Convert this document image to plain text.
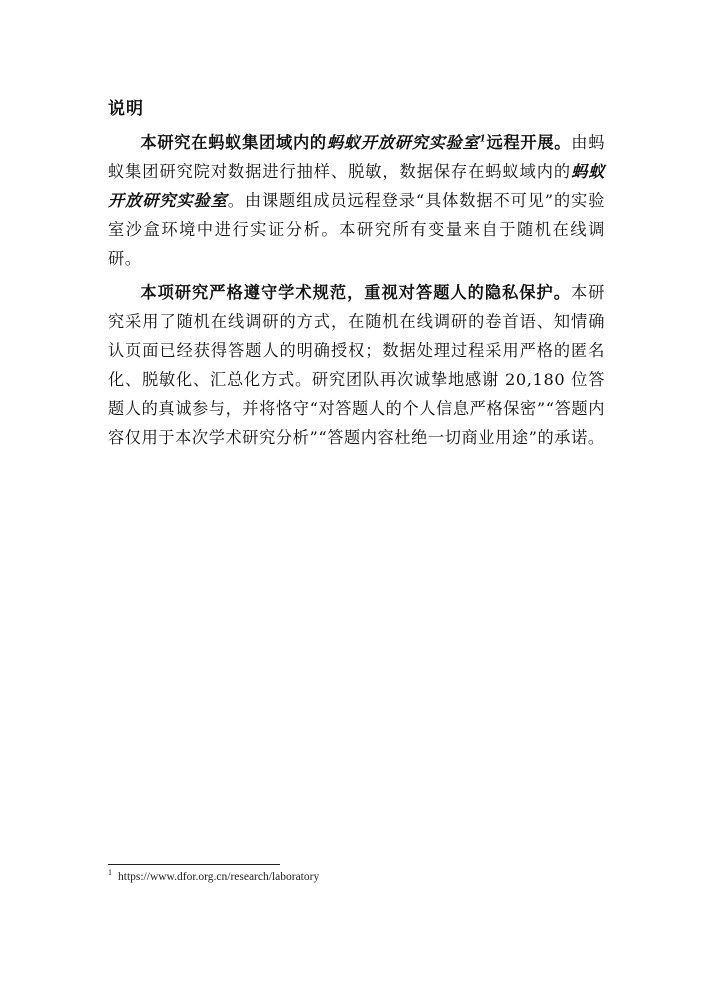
说明

本研究在蚂蚁集团域内的蚂蚁开放研究实验室$^1$远程开展。由蚂蚁集团研究院对数据进行抽样、脱敏，数据保存在蚂蚁域内的蚂蚁开放研究实验室。由课题组成员远程登录“具体数据不可见”的实验室沙盒环境中进行实证分析。本研究所有变量来自于随机在线调研。

本项研究严格遵守学术规范，重视对答题人的隐私保护。本研究采用了随机在线调研的方式，在随机在线调研的卷首语、知情确认页面已经获得答题人的明确授权；数据处理过程采用严格的匿名化、脱敏化、汇总化方式。研究团队再次诚挚地感谢 20,180 位答题人的真诚参与，并将恪守“对答题人的个人信息严格保密”“答题内容仅用于本次学术研究分析”“答题内容杜绝一切商业用途”的承诺。

$^1$ https://www.dfor.org.cn/research/laboratory
